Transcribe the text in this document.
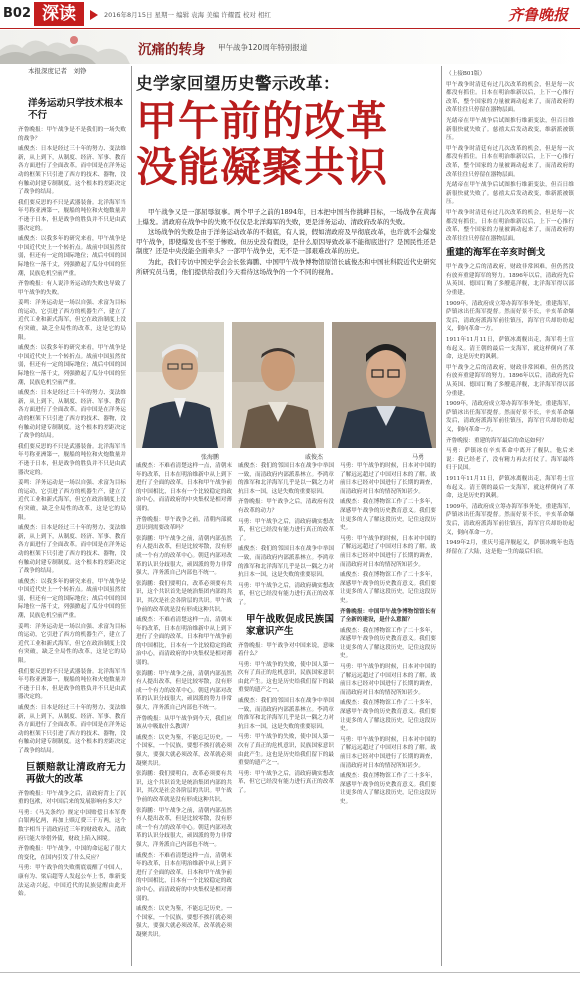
B02 深读	2016年8月15日 星期一 编辑 袁海 美编 许耀霞 校对 相红	齐鲁晚报
沉痛的转身 甲午战争120周年特别报道
本报深度记者　刘铮
洋务运动只学技术根本不行

齐鲁晚报：甲午战争是不是我们的一场失败的战争？

戚俊杰：日本是经过三十年的努力、变法维新，从上到下，从制度、经济、军事、教育各方面进行了全面改革。而中国是在洋务运动的框架下只引进了西方的技术、器物，没有触动封建专制制度。这个根本的差距决定了战争的结局。

我们要反思的不只是武器装备。北洋海军当年号称亚洲第一，舰船的吨位和火炮数量并不逊于日本，但是战争的胜负并不只是由武器决定的。

戚俊杰：以我多年的研究来看，甲午战争是中国近代史上一个转折点。战前中国虽然贫弱，但还有一定的国际地位；战后中国的国际地位一落千丈，列强掀起了瓜分中国的狂潮，民族危机空前严重。

齐鲁晚报：有人说洋务运动的失败也导致了甲午战争的失败。

姜鸣：洋务运动是一场以自强、求富为目标的运动，它引进了西方的机器生产，建立了近代工业和新式海军，但它在政治制度上没有突破，缺乏全局性的改革，这是它的局限。

戚俊杰：以我多年的研究来看，甲午战争是中国近代史上一个转折点。战前中国虽然贫弱，但还有一定的国际地位；战后中国的国际地位一落千丈，列强掀起了瓜分中国的狂潮，民族危机空前严重。

戚俊杰：日本是经过三十年的努力、变法维新，从上到下，从制度、经济、军事、教育各方面进行了全面改革。而中国是在洋务运动的框架下只引进了西方的技术、器物，没有触动封建专制制度。这个根本的差距决定了战争的结局。

我们要反思的不只是武器装备。北洋海军当年号称亚洲第一，舰船的吨位和火炮数量并不逊于日本，但是战争的胜负并不只是由武器决定的。

姜鸣：洋务运动是一场以自强、求富为目标的运动，它引进了西方的机器生产，建立了近代工业和新式海军，但它在政治制度上没有突破，缺乏全局性的改革，这是它的局限。

戚俊杰：日本是经过三十年的努力、变法维新，从上到下，从制度、经济、军事、教育各方面进行了全面改革。而中国是在洋务运动的框架下只引进了西方的技术、器物，没有触动封建专制制度。这个根本的差距决定了战争的结局。

戚俊杰：以我多年的研究来看，甲午战争是中国近代史上一个转折点。战前中国虽然贫弱，但还有一定的国际地位；战后中国的国际地位一落千丈，列强掀起了瓜分中国的狂潮，民族危机空前严重。

姜鸣：洋务运动是一场以自强、求富为目标的运动，它引进了西方的机器生产，建立了近代工业和新式海军，但它在政治制度上没有突破，缺乏全局性的改革，这是它的局限。

我们要反思的不只是武器装备。北洋海军当年号称亚洲第一，舰船的吨位和火炮数量并不逊于日本，但是战争的胜负并不只是由武器决定的。

戚俊杰：日本是经过三十年的努力、变法维新，从上到下，从制度、经济、军事、教育各方面进行了全面改革。而中国是在洋务运动的框架下只引进了西方的技术、器物，没有触动封建专制制度。这个根本的差距决定了战争的结局。

巨额赔款让清政府无力再做大的改革

齐鲁晚报：甲午战争之后，清政府背上了沉重的包袱，对中国后来的发展影响有多大？

马勇：《马关条约》规定中国赔偿日本军费白银两亿两，再加上赎辽费三千万两，这个数字相当于清政府近三年的财政收入，清政府只能大举借外债，财政上陷入困境。

齐鲁晚报：甲午战争，中国的命运起了很大的变化，在国内引发了什么反应？

马勇：甲午战争的失败彻底震醒了中国人，康有为、梁启超等人发起公车上书，维新变法运动兴起，中国近代的民族觉醒由此开始。

史学家回望历史警示改革：
甲午前的改革
没能凝聚共识

甲午战争又是一部屈辱叙事。两个甲子之前的1894年，日本把中国当作挑衅目标，一场战争在黄海上爆发。清政府在战争中的失败不仅仅是北洋海军的失败，更是洋务运动、清政府改革的失败。

这场战争的失败是由于洋务运动改革的不彻底，有人说，假如清政府及早彻底改革，也许就不会爆发甲午战争，即使爆发也不至于惨败。但历史没有假设，是什么原因导致改革不能彻底进行？是国民性还是制度？还是中央没能全面牵头？一部甲午战争史，无不是一部艰难改革的历史。

为此，我们专访中国史学会会长张海鹏、中国甲午战争博物馆原馆长戚俊杰和中国社科院近代史研究所研究员马勇，他们提供给我们今天看待这场战争的一个不同的视角。

张海鹏	戚俊杰	马勇

戚俊杰：不难看清楚这样一点，清朝末年的改革，日本在明治维新中从上到下进行了全面的改革。日本和甲午战争前的中国相比，日本有一个比较稳定的政治中心，而清政府的中央集权是相对薄弱的。

齐鲁晚报：甲午战争之前，清朝内部就意识到需要改革吗？

张海鹏：甲午战争之前，清朝内部虽然有人提出改革，但是比较零散，没有形成一个有力的改革中心。朝廷内部对改革的认识分歧很大，顽固派的势力非常强大，洋务派自己内部也不统一。

张海鹏：我们要明白，改革必须要有共识，这个共识首先是统治集团内部的共识，其次是社会各阶层的共识。甲午战争前的改革就是没有形成这种共识。

戚俊杰：不难看清楚这样一点，清朝末年的改革，日本在明治维新中从上到下进行了全面的改革。日本和甲午战争前的中国相比，日本有一个比较稳定的政治中心，而清政府的中央集权是相对薄弱的。

张海鹏：甲午战争之前，清朝内部虽然有人提出改革，但是比较零散，没有形成一个有力的改革中心。朝廷内部对改革的认识分歧很大，顽固派的势力非常强大，洋务派自己内部也不统一。

齐鲁晚报：从甲午战争到今天，我们应该从中吸取什么教训？

戚俊杰：以史为鉴，不能忘记历史。一个国家，一个民族，要想不挨打就必须强大，要强大就必须改革，改革就必须凝聚共识。

张海鹏：我们要明白，改革必须要有共识，这个共识首先是统治集团内部的共识，其次是社会各阶层的共识。甲午战争前的改革就是没有形成这种共识。

张海鹏：甲午战争之前，清朝内部虽然有人提出改革，但是比较零散，没有形成一个有力的改革中心。朝廷内部对改革的认识分歧很大，顽固派的势力非常强大，洋务派自己内部也不统一。

戚俊杰：不难看清楚这样一点，清朝末年的改革，日本在明治维新中从上到下进行了全面的改革。日本和甲午战争前的中国相比，日本有一个比较稳定的政治中心，而清政府的中央集权是相对薄弱的。

戚俊杰：以史为鉴，不能忘记历史。一个国家，一个民族，要想不挨打就必须强大，要强大就必须改革，改革就必须凝聚共识。

戚俊杰：我们的邻国日本在战争中举国一致，而清政府内部派系林立。李鸿章的淮军和北洋海军几乎是以一隅之力对抗日本一国，这是失败的重要原因。

齐鲁晚报：甲午战争之后，清政府有没有改革的动力？

马勇：甲午战争之后，清政府确实想改革，但它已经没有能力进行真正的改革了。

戚俊杰：我们的邻国日本在战争中举国一致，而清政府内部派系林立。李鸿章的淮军和北洋海军几乎是以一隅之力对抗日本一国，这是失败的重要原因。

马勇：甲午战争之后，清政府确实想改革，但它已经没有能力进行真正的改革了。

甲午战败促成民族国家意识产生

齐鲁晚报：甲午战争对中国来说，意味着什么？

马勇：甲午战争的失败，使中国人第一次有了真正的危机意识，民族国家意识由此产生。这也是历史给我们留下的最重要的遗产之一。

戚俊杰：我们的邻国日本在战争中举国一致，而清政府内部派系林立。李鸿章的淮军和北洋海军几乎是以一隅之力对抗日本一国，这是失败的重要原因。

马勇：甲午战争的失败，使中国人第一次有了真正的危机意识，民族国家意识由此产生。这也是历史给我们留下的最重要的遗产之一。

马勇：甲午战争之后，清政府确实想改革，但它已经没有能力进行真正的改革了。

马勇：甲午战争的时候，日本对中国的了解远远超过了中国对日本的了解。战前日本已经对中国进行了长期的调查，而清政府对日本的情况所知甚少。

戚俊杰：我在博物馆工作了二十多年，深感甲午战争的历史教育意义。我们要让更多的人了解这段历史，记住这段历史。

马勇：甲午战争的时候，日本对中国的了解远远超过了中国对日本的了解。战前日本已经对中国进行了长期的调查，而清政府对日本的情况所知甚少。

戚俊杰：我在博物馆工作了二十多年，深感甲午战争的历史教育意义。我们要让更多的人了解这段历史，记住这段历史。

齐鲁晚报：中国甲午战争博物馆馆长有了全新的建设，是什么意图？

戚俊杰：我在博物馆工作了二十多年，深感甲午战争的历史教育意义。我们要让更多的人了解这段历史，记住这段历史。

马勇：甲午战争的时候，日本对中国的了解远远超过了中国对日本的了解。战前日本已经对中国进行了长期的调查，而清政府对日本的情况所知甚少。

戚俊杰：我在博物馆工作了二十多年，深感甲午战争的历史教育意义。我们要让更多的人了解这段历史，记住这段历史。

马勇：甲午战争的时候，日本对中国的了解远远超过了中国对日本的了解。战前日本已经对中国进行了长期的调查，而清政府对日本的情况所知甚少。

戚俊杰：我在博物馆工作了二十多年，深感甲午战争的历史教育意义。我们要让更多的人了解这段历史，记住这段历史。

（上接B01版）

甲午战争时清廷有过几次改革的机会，但是每一次都没有抓住。日本在明治维新以后，上下一心推行改革，整个国家的力量被调动起来了，而清政府的改革往往只停留在器物层面。

光绪帝在甲午战争后试图推行维新变法，但百日维新很快就失败了。慈禧太后发动政变，维新派被镇压。

甲午战争时清廷有过几次改革的机会，但是每一次都没有抓住。日本在明治维新以后，上下一心推行改革，整个国家的力量被调动起来了，而清政府的改革往往只停留在器物层面。

光绪帝在甲午战争后试图推行维新变法，但百日维新很快就失败了。慈禧太后发动政变，维新派被镇压。

甲午战争时清廷有过几次改革的机会，但是每一次都没有抓住。日本在明治维新以后，上下一心推行改革，整个国家的力量被调动起来了，而清政府的改革往往只停留在器物层面。

重建的海军在辛亥时倒戈

甲午战争之后的清政府，财政非常困难，但仍然没有放弃重建海军的努力。1896年以后，清政府先后从英国、德国订购了多艘巡洋舰，北洋海军得以部分重建。

1909年，清政府成立筹办海军事务处，重建海军，萨镇冰出任海军提督。然而好景不长，辛亥革命爆发后，清政府派海军前往镇压，海军官兵却纷纷起义，倒向革命一方。

1911年11月11日，萨镇冰离舰出走，海军将士宣布起义。清王朝的最后一支海军，就这样倒向了革命，这是历史的讽刺。

甲午战争之后的清政府，财政非常困难，但仍然没有放弃重建海军的努力。1896年以后，清政府先后从英国、德国订购了多艘巡洋舰，北洋海军得以部分重建。

1909年，清政府成立筹办海军事务处，重建海军，萨镇冰出任海军提督。然而好景不长，辛亥革命爆发后，清政府派海军前往镇压，海军官兵却纷纷起义，倒向革命一方。

齐鲁晚报：重建的海军最后的命运如何？

马勇：萨镇冰在辛亥革命中离开了舰队，他后来说：我已经老了，没有精力再去打仗了。海军最终归于民国。

1911年11月11日，萨镇冰离舰出走，海军将士宣布起义。清王朝的最后一支海军，就这样倒向了革命，这是历史的讽刺。

1909年，清政府成立筹办海军事务处，重建海军，萨镇冰出任海军提督。然而好景不长，辛亥革命爆发后，清政府派海军前往镇压，海军官兵却纷纷起义，倒向革命一方。

1949年2月，重庆号巡洋舰起义，萨镇冰晚年也选择留在了大陆，这是他一生的最后归宿。
